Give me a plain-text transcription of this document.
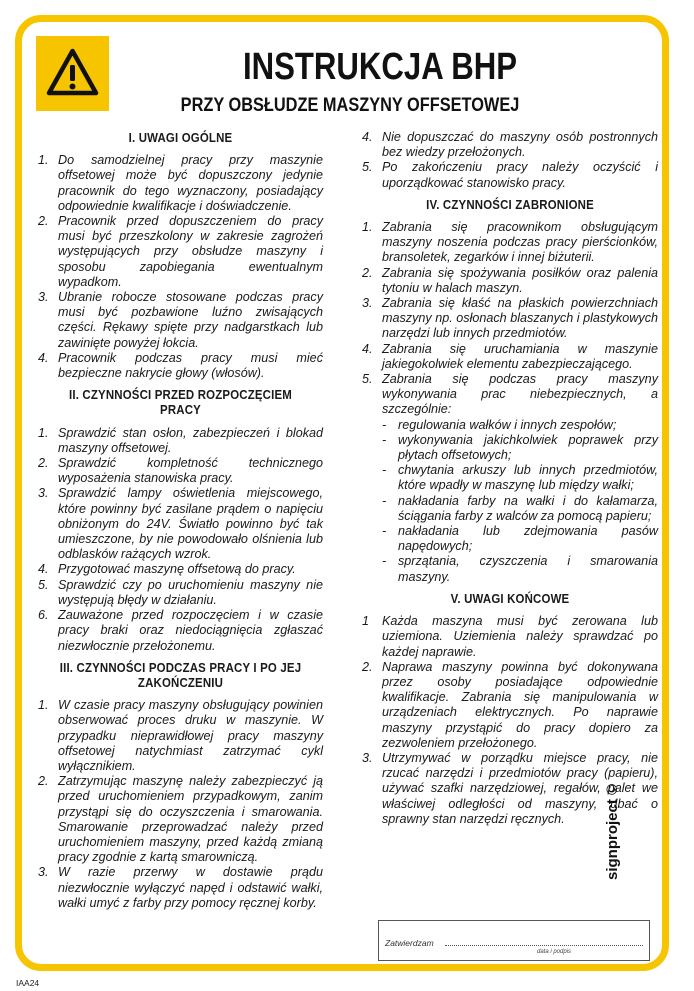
INSTRUKCJA BHP
PRZY OBSŁUDZE MASZYNY OFFSETOWEJ
I. UWAGI OGÓLNE
1. Do samodzielnej pracy przy maszynie offsetowej może być dopuszczony jedynie pracownik do tego wyznaczony, posiadający odpowiednie kwalifikacje i doświadczenie.
2. Pracownik przed dopuszczeniem do pracy musi być przeszkolony w zakresie zagrożeń występujących przy obsłudze maszyny i sposobu zapobiegania ewentualnym wypadkom.
3. Ubranie robocze stosowane podczas pracy musi być pozbawione luźno zwisających części. Rękawy spięte przy nadgarstkach lub zawinięte powyżej łokcia.
4. Pracownik podczas pracy musi mieć bezpieczne nakrycie głowy (włosów).
II. CZYNNOŚCI PRZED ROZPOCZĘCIEM PRACY
1. Sprawdzić stan osłon, zabezpieczeń i blokad maszyny offsetowej.
2. Sprawdzić kompletność technicznego wyposażenia stanowiska pracy.
3. Sprawdzić lampy oświetlenia miejscowego, które powinny być zasilane prądem o napięciu obniżonym do 24V. Światło powinno być tak umieszczone, by nie powodowało olśnienia lub odblasków rażących wzrok.
4. Przygotować maszynę offsetową do pracy.
5. Sprawdzić czy po uruchomieniu maszyny nie występują błędy w działaniu.
6. Zauważone przed rozpoczęciem i w czasie pracy braki oraz niedociągnięcia zgłaszać niezwłocznie przełożonemu.
III. CZYNNOŚCI PODCZAS PRACY I PO JEJ ZAKOŃCZENIU
1. W czasie pracy maszyny obsługujący powinien obserwować proces druku w maszynie. W przypadku nieprawidłowej pracy maszyny offsetowej natychmiast zatrzymać cykl wyłącznikiem.
2. Zatrzymując maszynę należy zabezpieczyć ją przed uruchomieniem przypadkowym, zanim przystąpi się do oczyszczenia i smarowania. Smarowanie przeprowadzać należy przed uruchomieniem maszyny, przed każdą zmianą pracy zgodnie z kartą smarowniczą.
3. W razie przerwy w dostawie prądu niezwłocznie wyłączyć napęd i odstawić wałki, wałki umyć z farby przy pomocy ręcznej korby.
4. Nie dopuszczać do maszyny osób postronnych bez wiedzy przełożonych.
5. Po zakończeniu pracy należy oczyścić i uporządkować stanowisko pracy.
IV. CZYNNOŚCI ZABRONIONE
1. Zabrania się pracownikom obsługującym maszyny noszenia podczas pracy pierścionków, bransoletek, zegarków i innej biżuterii.
2. Zabrania się spożywania posiłków oraz palenia tytoniu w halach maszyn.
3. Zabrania się kłaść na płaskich powierzchniach maszyny np. osłonach blaszanych i plastykowych narzędzi lub innych przedmiotów.
4. Zabrania się uruchamiania w maszynie jakiegokolwiek elementu zabezpieczającego.
5. Zabrania się podczas pracy maszyny wykonywania prac niebezpiecznych, a szczególnie:
- regulowania wałków i innych zespołów;
- wykonywania jakichkolwiek poprawek przy płytach offsetowych;
- chwytania arkuszy lub innych przedmiotów, które wpadły w maszynę lub między wałki;
- nakładania farby na wałki i do kałamarza, ściągania farby z walców za pomocą papieru;
- nakładania lub zdejmowania pasów napędowych;
- sprzątania, czyszczenia i smarowania maszyny.
V. UWAGI KOŃCOWE
1	Każda maszyna musi być zerowana lub uziemiona. Uziemienia należy sprawdzać po każdej naprawie.
2. Naprawa maszyny powinna być dokonywana przez osoby posiadające odpowiednie kwalifikacje. Zabrania się manipulowania w urządzeniach elektrycznych. Po naprawie maszyny przystąpić do pracy dopiero za zezwoleniem przełożonego.
3. Utrzymywać w porządku miejsce pracy, nie rzucać narzędzi i przedmiotów pracy (papieru), używać szafki narzędziowej, regałów, palet we właściwej odległości od maszyny, dbać o sprawny stan narzędzi ręcznych.
Zatwierdzam
data i podpis
signproject ©
IAA24
